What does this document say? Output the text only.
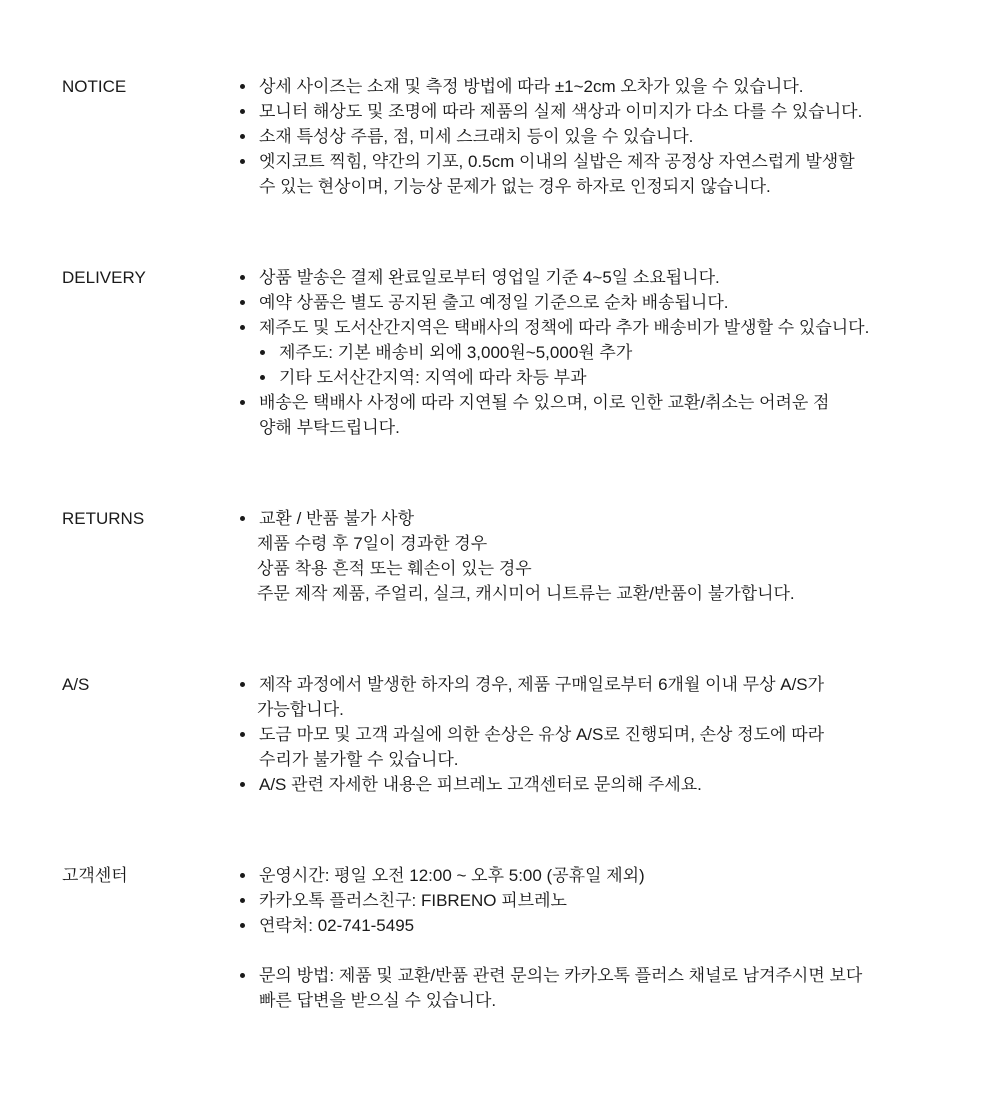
NOTICE	상세 사이즈는 소재 및 측정 방법에 따라 ±1~2cm 오차가 있을 수 있습니다.
모니터 해상도 및 조명에 따라 제품의 실제 색상과 이미지가 다소 다를 수 있습니다.
소재 특성상 주름, 점, 미세 스크래치 등이 있을 수 있습니다.
엣지코트 찍힘, 약간의 기포, 0.5cm 이내의 실밥은 제작 공정상 자연스럽게 발생할
수 있는 현상이며, 기능상 문제가 없는 경우 하자로 인정되지 않습니다.
DELIVERY	상품 발송은 결제 완료일로부터 영업일 기준 4~5일 소요됩니다.
예약 상품은 별도 공지된 출고 예정일 기준으로 순차 배송됩니다.
제주도 및 도서산간지역은 택배사의 정책에 따라 추가 배송비가 발생할 수 있습니다.
제주도: 기본 배송비 외에 3,000원~5,000원 추가
기타 도서산간지역: 지역에 따라 차등 부과
배송은 택배사 사정에 따라 지연될 수 있으며, 이로 인한 교환/취소는 어려운 점
양해 부탁드립니다.
RETURNS	교환 / 반품 불가 사항
제품 수령 후 7일이 경과한 경우
상품 착용 흔적 또는 훼손이 있는 경우
주문 제작 제품, 주얼리, 실크, 캐시미어 니트류는 교환/반품이 불가합니다.
A/S	제작 과정에서 발생한 하자의 경우, 제품 구매일로부터 6개월 이내 무상 A/S가
가능합니다.
도금 마모 및 고객 과실에 의한 손상은 유상 A/S로 진행되며, 손상 정도에 따라
수리가 불가할 수 있습니다.
A/S 관련 자세한 내용은 피브레노 고객센터로 문의해 주세요.
고객센터	운영시간: 평일 오전 12:00 ~ 오후 5:00 (공휴일 제외)
카카오톡 플러스친구: FIBRENO 피브레노
연락처: 02-741-5495
문의 방법: 제품 및 교환/반품 관련 문의는 카카오톡 플러스 채널로 남겨주시면 보다
빠른 답변을 받으실 수 있습니다.
